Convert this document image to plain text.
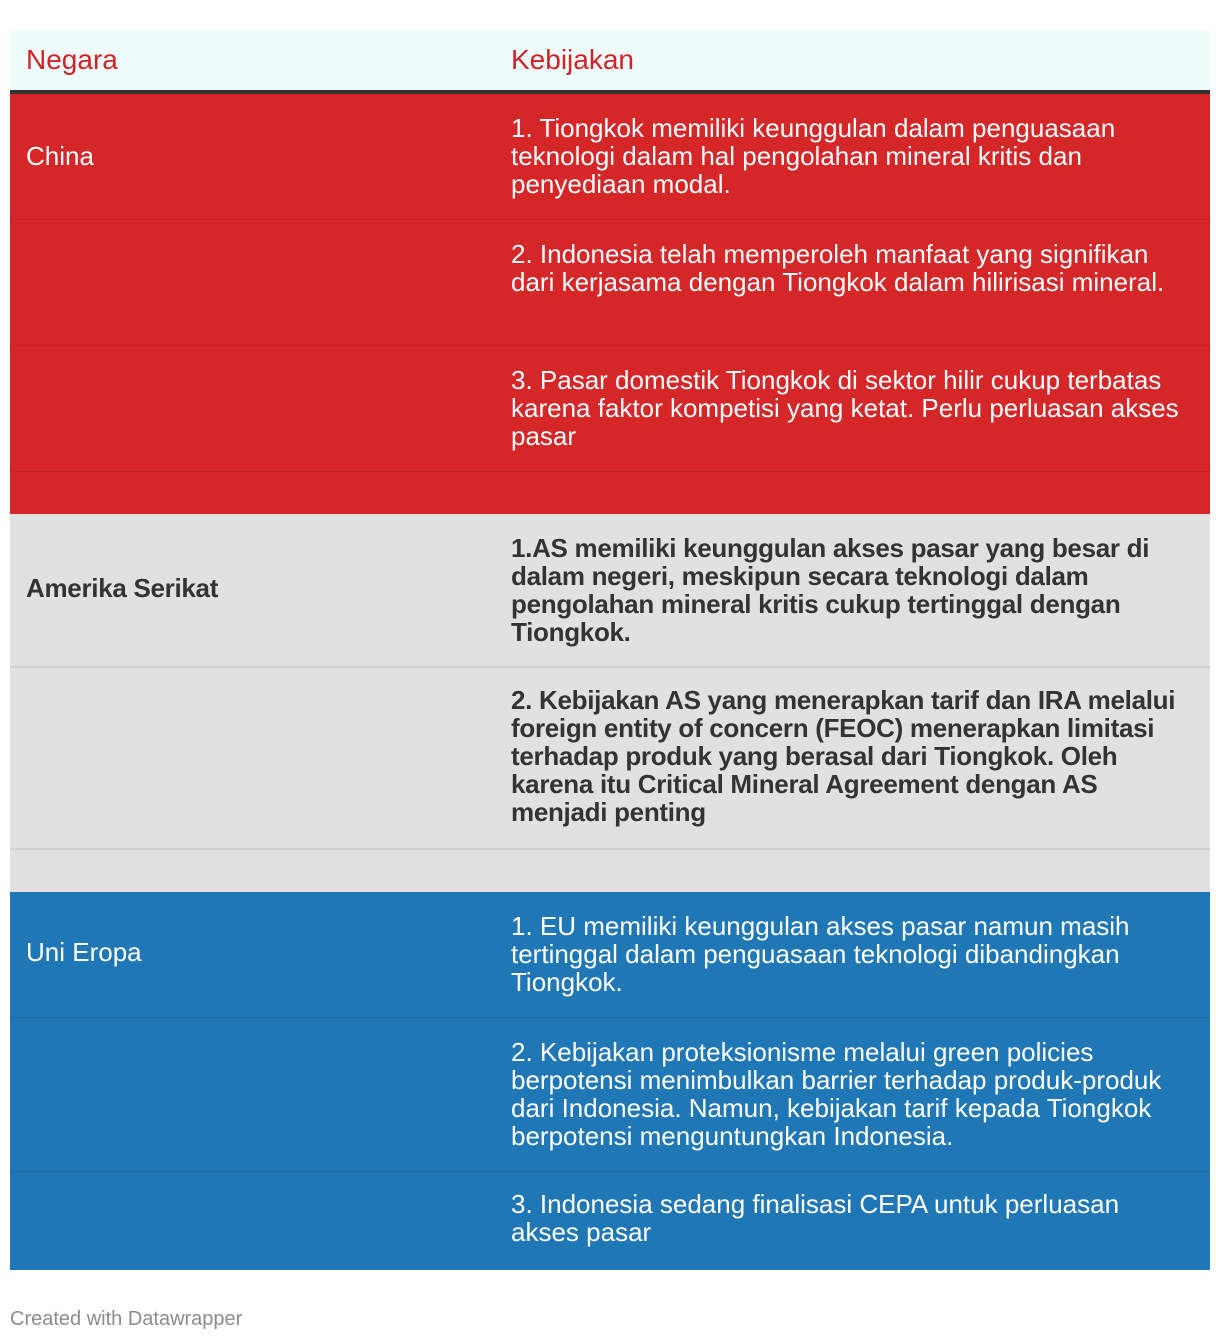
Negara	Kebijakan
China
1. Tiongkok memiliki keunggulan dalam penguasaan teknologi dalam hal pengolahan mineral kritis dan penyediaan modal.
2. Indonesia telah memperoleh manfaat yang signifikan dari kerjasama dengan Tiongkok dalam hilirisasi mineral.
3. Pasar domestik Tiongkok di sektor hilir cukup terbatas karena faktor kompetisi yang ketat. Perlu perluasan akses pasar
Amerika Serikat
1.AS memiliki keunggulan akses pasar yang besar di dalam negeri, meskipun secara teknologi dalam pengolahan mineral kritis cukup tertinggal dengan Tiongkok.
2. Kebijakan AS yang menerapkan tarif dan IRA melalui foreign entity of concern (FEOC) menerapkan limitasi terhadap produk yang berasal dari Tiongkok. Oleh karena itu Critical Mineral Agreement dengan AS menjadi penting
Uni Eropa
1. EU memiliki keunggulan akses pasar namun masih tertinggal dalam penguasaan teknologi dibandingkan Tiongkok.
2. Kebijakan proteksionisme melalui green policies berpotensi menimbulkan barrier terhadap produk-produk dari Indonesia. Namun, kebijakan tarif kepada Tiongkok berpotensi menguntungkan Indonesia.
3. Indonesia sedang finalisasi CEPA untuk perluasan akses pasar
Created with Datawrapper
